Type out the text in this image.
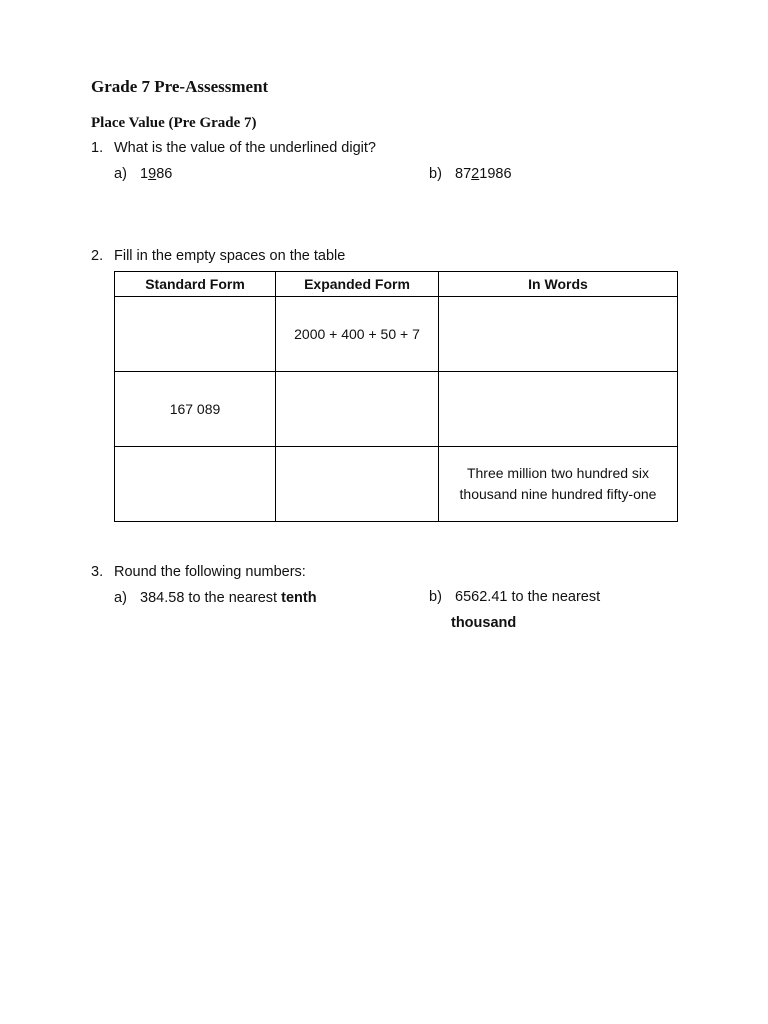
Grade 7 Pre-Assessment
Place Value (Pre Grade 7)
1. What is the value of the underlined digit?
a) 1986	b) 8721986
2. Fill in the empty spaces on the table
Standard Form	Expanded Form	In Words
	2000 + 400 + 50 + 7	
167 089		
		Three million two hundred six thousand nine hundred fifty-one
3. Round the following numbers:
a) 384.58 to the nearest tenth	b) 6562.41 to the nearest
thousand
